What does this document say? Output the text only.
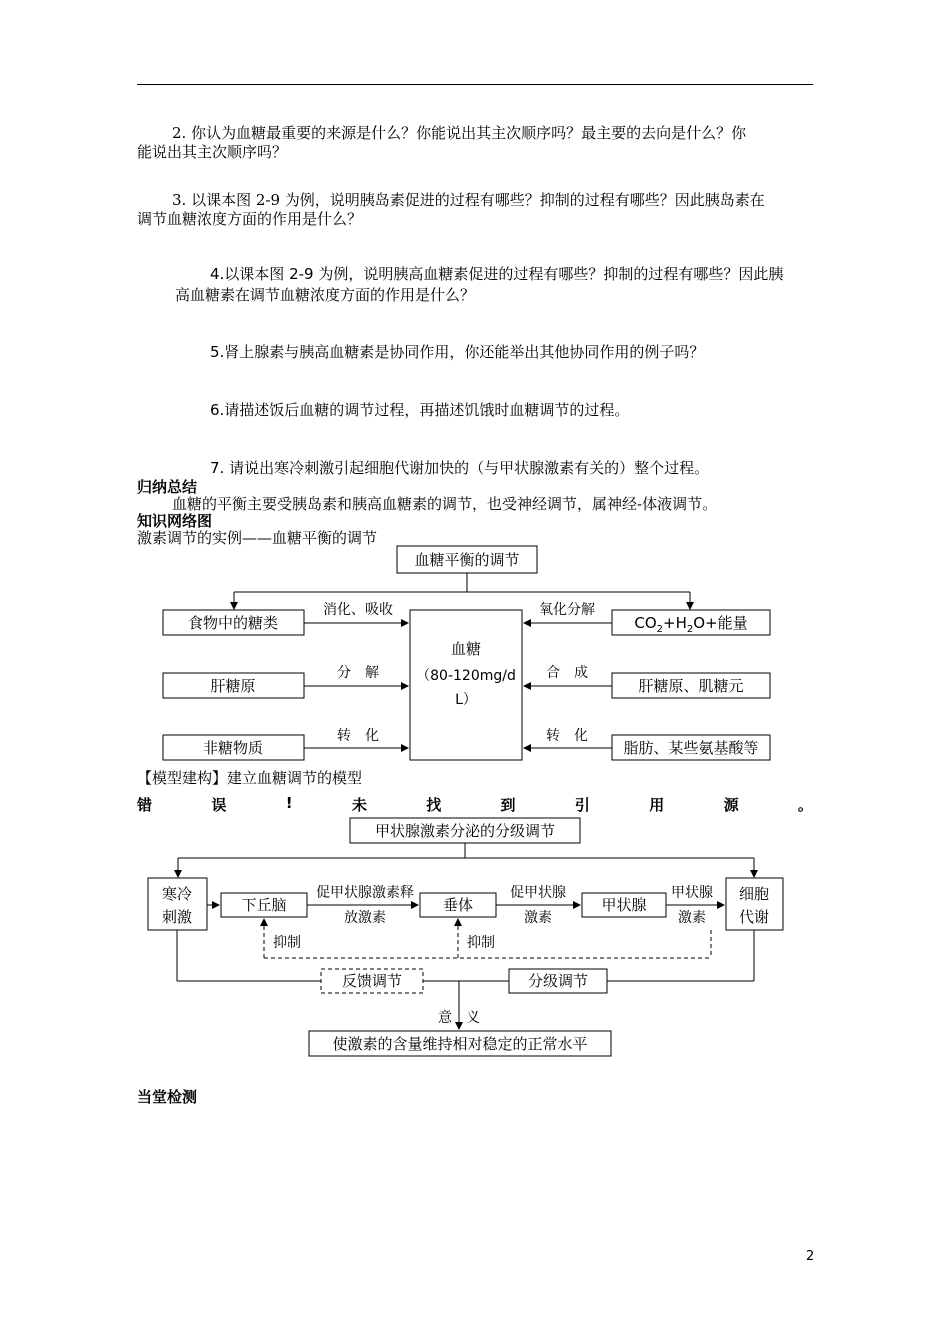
2. 你认为血糖最重要的来源是什么？你能说出其主次顺序吗？最主要的去向是什么？你
能说出其主次顺序吗？
3. 以课本图 2-9 为例，说明胰岛素促进的过程有哪些？抑制的过程有哪些？因此胰岛素在
调节血糖浓度方面的作用是什么？
4.以课本图 2-9 为例，说明胰高血糖素促进的过程有哪些？抑制的过程有哪些？因此胰
高血糖素在调节血糖浓度方面的作用是什么？
5.肾上腺素与胰高血糖素是协同作用，你还能举出其他协同作用的例子吗？
6.请描述饭后血糖的调节过程，再描述饥饿时血糖调节的过程。
7. 请说出寒冷刺激引起细胞代谢加快的（与甲状腺激素有关的）整个过程。
归纳总结
血糖的平衡主要受胰岛素和胰高血糖素的调节，也受神经调节，属神经-体液调节。
知识网络图
激素调节的实例——血糖平衡的调节
血糖平衡的调节
血糖
（80-120mg/d
L）
食物中的糖类
肝糖原
非糖物质
消化、吸收
分　解
转　化
$CO_2+H_2O+$能量
肝糖原、肌糖元
脂肪、某些氨基酸等
氧化分解
合　成
转　化
【模型建构】建立血糖调节的模型
错	误	!	未	找	到	引	用	源	。
甲状腺激素分泌的分级调节
寒冷
刺激
细胞
代谢
下丘脑	垂体	甲状腺
促甲状腺激素释
放激素
促甲状腺
激素
甲状腺
激素
抑制	抑制
反馈调节	分级调节
意　义
使激素的含量维持相对稳定的正常水平
当堂检测
2
